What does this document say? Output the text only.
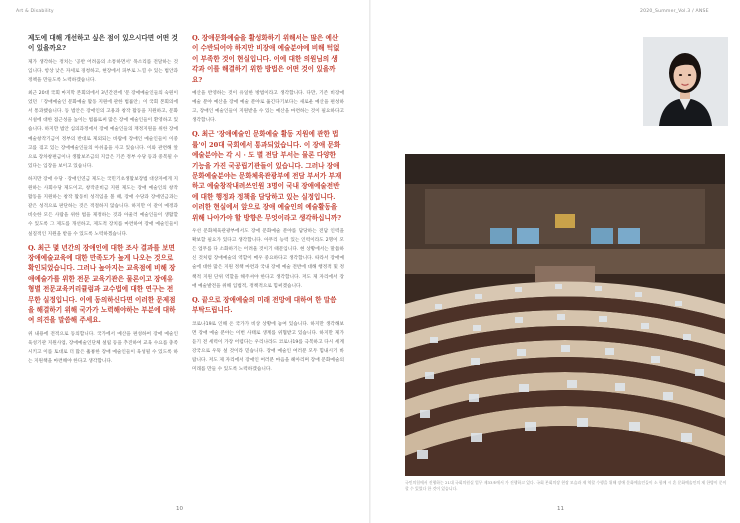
Art & Disability	2020_Summer_Vol.3 / ANSE
제도에 대해 개선하고 싶은 점이 있으시다면 어떤 것이 있을까요?
제가 생각하는 정치는 '공반 어려움의 소통하면서' 목소리를 전달하는 것입니다. 항상 낮은 자세로 경청하고, 현장에서 피부로 느낄 수 있는 법안과 정책을 만들도록 노력하겠습니다.
최근 20대 국회 마지막 본회의에서 3년간전에 '문 장애예술인들의 숙원이었던 「장애예술인 문화예술 활동 지원에 관한 법률안」이 국회 본회의에서 통과했습니다. 동 법안은 장애인의 고용과 창작 활동을 지원하고, 문화시설에 대한 접근성을 높이는 법률로써 많은 장애 예술인들이 환영하고 있습니다. 하지만 법안 심의과정에서 장애 예술인들의 재정지원을 위한 장애예술창작기금이 정부의 반대로 제외되는 바람에 장애인 예술인들이 이중고를 겪고 있는 장애예술인들의 아쉬움을 사고 있습니다. 이와 관련해 앞으로 장차창편금이나 생활보조금의 지급은 기존 정부 수당 등과 중복될 수 있다는 입장을 보이고 있습니다.
하지만 장애 수당 · 장애인연금 제도는 국민기초생활보장법 대상자에게 지원하는 사회수당 제도이고, 창작준비금 지원 제도는 장애 예술인의 창작 활동을 지원하는 창작 활동비 성격임을 볼 때, 장애 수당과 장애연금과는 같은 성격으로 판단하는 것은 적절하지 않습니다. 하지만 이 같이 예정과 비슷한 모든 사람을 위한 법을 제정하는 것과 아울러 예술인들이 생활할 수 있도록 그 제도를 개선하고, 제도적 장치를 마련하여 장애 예술인들이 실질적인 지원을 받을 수 있도록 노력하겠습니다.
Q. 최근 몇 년간의 장애인에 대한 조사 결과를 보면 장애예술교육에 대한 만족도가 높게 나오는 것으로 확인되었습니다. 그러나 높아지는 교육점에 비해 장애예술가를 위한 전문 교육기관은 물론이고 장애유형별 전문교육커리큘럼과 교수법에 대한 연구는 전무한 실정입니다. 이에 동의하신다면 이러한 문제점을 해결하기 위해 국가가 노력해야하는 부분에 대하여 의견을 말씀해 주세요.
위 내용에 전적으로 동의합니다. 국가에서 예산을 편성하여 장애 예술인 육성기관 지원사업, 장애예술인단체 설립 등을 추진하여 교육 수요를 충족시키고 이를 토대로 더 많은 훌륭한 장애 예술인들이 육성될 수 있도록 하는 지원책을 마련해야 한다고 생각합니다.
Q. 장애문화예술을 활성화하기 위해서는 많은 예산이 수반되어야 하지만 비장애 예술분야에 비해 턱없이 부족한 것이 현실입니다. 이에 대한 의원님의 생각과 이를 해결하기 위한 방법은 어떤 것이 있을까요?
예산을 반영하는 것이 유일한 방법이라고 생각합니다. 다만, 기존 비장애 예술 분야 예산을 장애 예술 분야로 옮긴다기보다는 새로운 예산을 편성하고, 장애인 예술인들이 지원받을 수 있는 예산을 마련하는 것이 필요하다고 생각합니다.
Q. 최근 '장애예술인 문화예술 활동 지원에 관한 법률'이 20대 국회에서 통과되었습니다. 이 장애 문화예술분야는 각 시 · 도 별 전담 부서는 물론 다양한 기능을 가진 국공립기관들이 있습니다. 그러나 장애문화예술분야는 문화체육관광부에 전담 부서가 부재하고 예술창작내려쓰인원 3명이 국내 장애예술전반에 대한 행정과 정책을 담당하고 있는 실정입니다. 이러한 현실에서 앞으로 장애 예술인의 예술활동을 위해 나아가야 할 방향은 무엇이라고 생각하십니까?
우선 문화체육관광부에서도 장애 문화예술 분야를 담당하는 전담 인력을 확보할 필요가 있다고 생각합니다. 아무리 능력 있는 인력이라도 2명이 모든 업무를 다 소화하기는 어려울 것이기 때문입니다. 현 상황에서는 말씀하신 것처럼 장애예술의 역할이 매우 중요하다고 생각합니다. 따라서 장애예술에 대한 많은 지원 정책 마련과 국내 장애 예술 전반에 대해 행정적 및 정책적 지원 단위 역할을 해주셔야 한다고 생각합니다. 저도 제 자리에서 장애 예술발전을 위해 입법적, 정책적으로 힘써겠습니다.
Q. 끝으로 장애예술의 미래 전망에 대하여 한 말씀 부탁드립니다.
코로나19로 인해 온 국가가 비상 상황에 놓여 있습니다. 하지만 생각해보면 장애 예술 분야는 이번 사태로 생계를 위협받고 있습니다. 하지만 제가 듣기 전 세력이 가장 어렵다는 우리나라도 코로나19를 극복하고 다시 세계 강국으로 우뚝 설 것이라 믿습니다. 장애 예술인 여러분 모두 힘내시기 바랍니다. 저도 제 자리에서 장애인 여러분 마음을 헤아리며 장애 문화예술의 미래를 만들 수 있도록 노력하겠습니다.
10
국민의힘에서 진행하는 21대 국회의원실 업무 제33조에서 가 진행하고 있다. 국회 본회의장 현장 모습과 제 역할 수행을 위해 장애 문화예술인들이 소 함께 시 혼 문화예술인의 제 한방이 문이 할 수 있었다 한 것이 있습니다.
11
